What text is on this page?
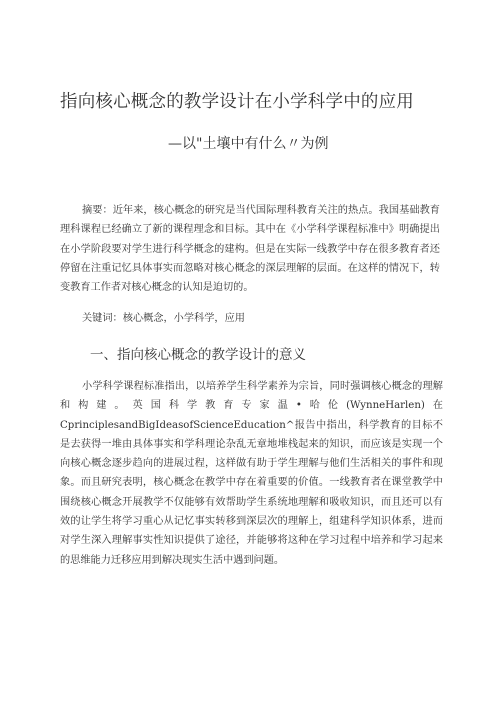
指向核心概念的教学设计在小学科学中的应用
—以"土壤中有什么〃为例
摘要：近年来，核心概念的研究是当代国际理科教育关注的热点。我国基础教育理科课程已经确立了新的课程理念和目标。其中在《小学科学课程标准中》明确提出在小学阶段要对学生进行科学概念的建构。但是在实际一线教学中存在很多教育者还停留在注重记忆具体事实而忽略对核心概念的深层理解的层面。在这样的情况下，转变教育工作者对核心概念的认知是迫切的。
关键词：核心概念，小学科学，应用
一、指向核心概念的教学设计的意义
小学科学课程标准指出，以培养学生科学素养为宗旨，同时强调核心概念的理解和构建。英国科学教育专家温•哈伦(WynneHarlen)在CprinciplesandBigIdeasofScienceEducation^报告中指出，科学教育的目标不是去获得一堆由具体事实和学科理论杂乱无章地堆栈起来的知识，而应该是实现一个向核心概念逐步趋向的进展过程，这样做有助于学生理解与他们生活相关的事件和现象。而且研究表明，核心概念在教学中存在着重要的价值。一线教育者在课堂教学中围绕核心概念开展教学不仅能够有效帮助学生系统地理解和吸收知识，而且还可以有效的让学生将学习重心从记忆事实转移到深层次的理解上，组建科学知识体系，进而对学生深入理解事实性知识提供了途径，并能够将这种在学习过程中培养和学习起来的思维能力迁移应用到解决现实生活中遇到问题。
